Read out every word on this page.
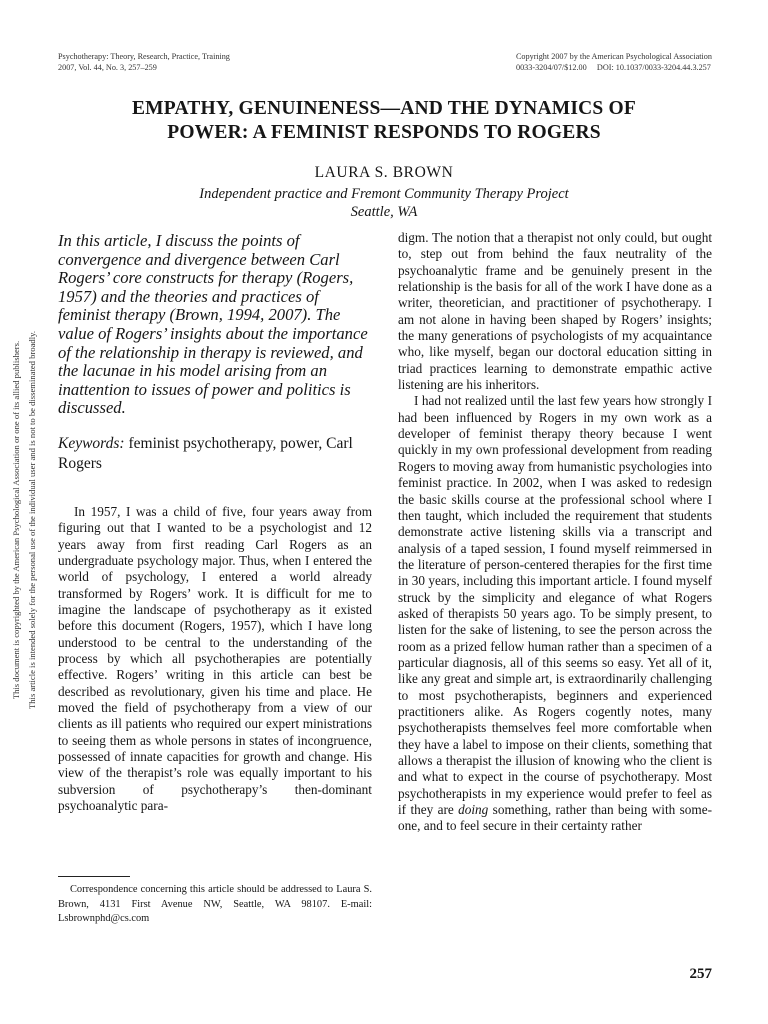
Psychotherapy: Theory, Research, Practice, Training
2007, Vol. 44, No. 3, 257–259
Copyright 2007 by the American Psychological Association
0033-3204/07/$12.00     DOI: 10.1037/0033-3204.44.3.257
EMPATHY, GENUINENESS—AND THE DYNAMICS OF
POWER: A FEMINIST RESPONDS TO ROGERS
LAURA S. BROWN
Independent practice and Fremont Community Therapy Project
Seattle, WA
This document is copyrighted by the American Psychological Association or one of its allied publishers. This article is intended solely for the personal use of the individual user and is not to be disseminated broadly.

In this article, I discuss the points of convergence and divergence between Carl Rogers’ core constructs for therapy (Rogers, 1957) and the theories and practices of feminist therapy (Brown, 1994, 2007). The value of Rogers’ insights about the importance of the relationship in therapy is reviewed, and the lacunae in his model arising from an inattention to issues of power and politics is discussed.

Keywords: feminist psychotherapy, power, Carl Rogers

In 1957, I was a child of five, four years away from figuring out that I wanted to be a psychologist and 12 years away from first reading Carl Rogers as an undergraduate psychology major. Thus, when I entered the world of psychology, I entered a world already transformed by Rogers’ work. It is difficult for me to imagine the landscape of psychotherapy as it existed before this document (Rogers, 1957), which I have long understood to be central to the understanding of the process by which all psychotherapies are potentially effective. Rogers’ writing in this article can best be described as revolutionary, given his time and place. He moved the field of psychotherapy from a view of our clients as ill patients who required our expert ministrations to seeing them as whole persons in states of incongruence, possessed of innate capacities for growth and change. His view of the therapist’s role was equally important to his subversion of psychotherapy’s then-dominant psychoanalytic para-

Correspondence concerning this article should be addressed to Laura S. Brown, 4131 First Avenue NW, Seattle, WA 98107. E-mail: Lsbrownphd@cs.com

digm. The notion that a therapist not only could, but ought to, step out from behind the faux neutrality of the psychoanalytic frame and be genuinely present in the relationship is the basis for all of the work I have done as a writer, theoretician, and practitioner of psychotherapy. I am not alone in having been shaped by Rogers’ insights; the many generations of psychologists of my acquaintance who, like myself, began our doctoral education sitting in triad practices learning to demonstrate empathic active listening are his inheritors.

I had not realized until the last few years how strongly I had been influenced by Rogers in my own work as a developer of feminist therapy theory because I went quickly in my own professional development from reading Rogers to moving away from humanistic psychologies into feminist practice. In 2002, when I was asked to redesign the basic skills course at the professional school where I then taught, which included the requirement that students demonstrate active listening skills via a transcript and analysis of a taped session, I found myself reimmersed in the literature of person-centered therapies for the first time in 30 years, including this important article. I found myself struck by the simplicity and elegance of what Rogers asked of therapists 50 years ago. To be simply present, to listen for the sake of listening, to see the person across the room as a prized fellow human rather than a specimen of a particular diagnosis, all of this seems so easy. Yet all of it, like any great and simple art, is extraordinarily challenging to most psychotherapists, beginners and experienced practitioners alike. As Rogers cogently notes, many psychotherapists themselves feel more comfortable when they have a label to impose on their clients, something that allows a therapist the illusion of knowing who the client is and what to expect in the course of psychotherapy. Most psychotherapists in my experience would prefer to feel as if they are doing something, rather than being with someone, and to feel secure in their certainty rather

257
